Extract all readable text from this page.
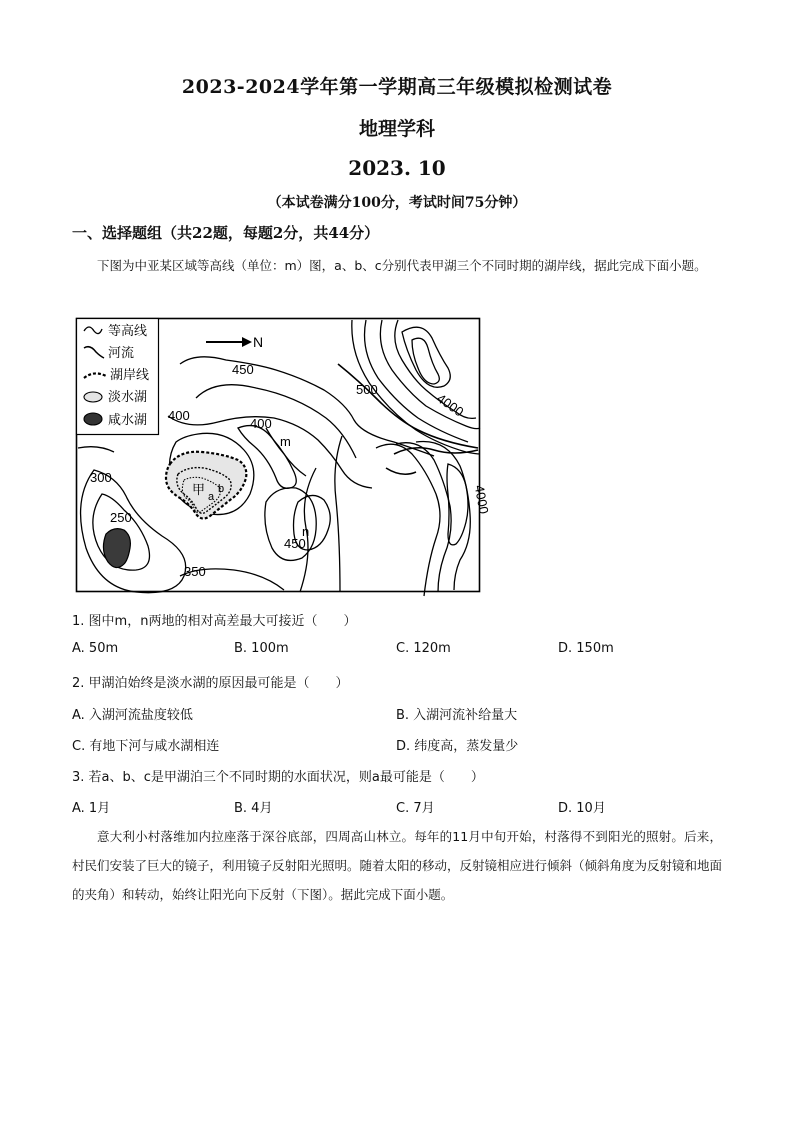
2023-2024学年第一学期高三年级模拟检测试卷
地理学科
2023. 10
（本试卷满分100分，考试时间75分钟）
一、选择题组（共22题，每题2分，共44分）
下图为中亚某区域等高线（单位：m）图，a、b、c分别代表甲湖三个不同时期的湖岸线，据此完成下面小题。
等高线
河流
湖岸线
淡水湖
咸水湖
N
450
500
4000
400
400
m
4000
300
250
甲 a
b
n
450
350
1. 图中m，n两地的相对高差最大可接近（　　）
A. 50m	B. 100m	C. 120m	D. 150m
2. 甲湖泊始终是淡水湖的原因最可能是（　　）
A. 入湖河流盐度较低	B. 入湖河流补给量大
C. 有地下河与咸水湖相连	D. 纬度高，蒸发量少
3. 若a、b、c是甲湖泊三个不同时期的水面状况，则a最可能是（　　）
A. 1月	B. 4月	C. 7月	D. 10月
意大利小村落维加内拉座落于深谷底部，四周高山林立。每年的11月中旬开始，村落得不到阳光的照射。后来，村民们安装了巨大的镜子，利用镜子反射阳光照明。随着太阳的移动，反射镜相应进行倾斜（倾斜角度为反射镜和地面的夹角）和转动，始终让阳光向下反射（下图）。据此完成下面小题。
